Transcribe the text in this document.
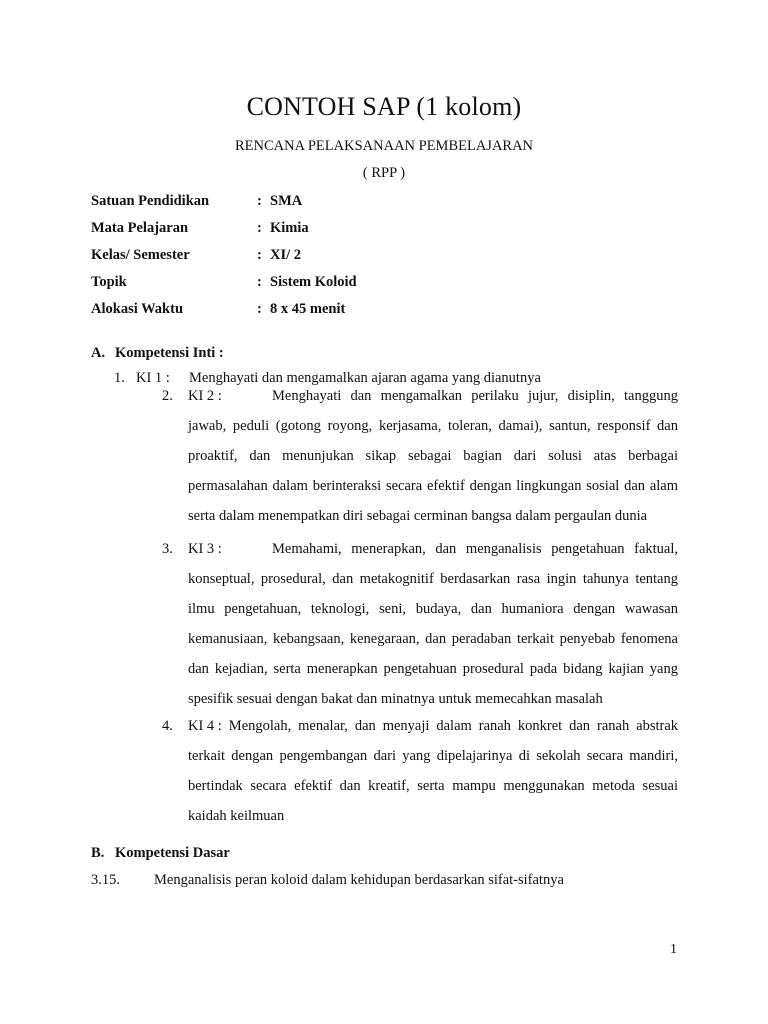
CONTOH SAP (1 kolom)
RENCANA PELAKSANAAN PEMBELAJARAN
( RPP )
Satuan Pendidikan	: SMA
Mata Pelajaran	: Kimia
Kelas/ Semester	: XI/ 2
Topik	: Sistem Koloid
Alokasi Waktu	: 8 x 45 menit
A. Kompetensi Inti :
1. KI 1 : Menghayati dan mengamalkan ajaran agama yang dianutnya
2. KI 2 :	Menghayati dan mengamalkan perilaku jujur, disiplin, tanggung jawab, peduli (gotong royong, kerjasama, toleran, damai), santun, responsif dan proaktif, dan menunjukan sikap sebagai bagian dari solusi atas berbagai permasalahan dalam berinteraksi secara efektif dengan lingkungan sosial dan alam serta dalam menempatkan diri sebagai cerminan bangsa dalam pergaulan dunia
3. KI 3 :	Memahami, menerapkan, dan menganalisis pengetahuan faktual, konseptual, prosedural, dan metakognitif berdasarkan rasa ingin tahunya tentang ilmu pengetahuan, teknologi, seni, budaya, dan humaniora dengan wawasan kemanusiaan, kebangsaan, kenegaraan, dan peradaban terkait penyebab fenomena dan kejadian, serta menerapkan pengetahuan prosedural pada bidang kajian yang spesifik sesuai dengan bakat dan minatnya untuk memecahkan masalah
4. KI 4 : Mengolah, menalar, dan menyaji dalam ranah konkret dan ranah abstrak terkait dengan pengembangan dari yang dipelajarinya di sekolah secara mandiri, bertindak secara efektif dan kreatif, serta mampu menggunakan metoda sesuai kaidah keilmuan
B. Kompetensi Dasar
3.15. Menganalisis peran koloid dalam kehidupan berdasarkan sifat-sifatnya
1
